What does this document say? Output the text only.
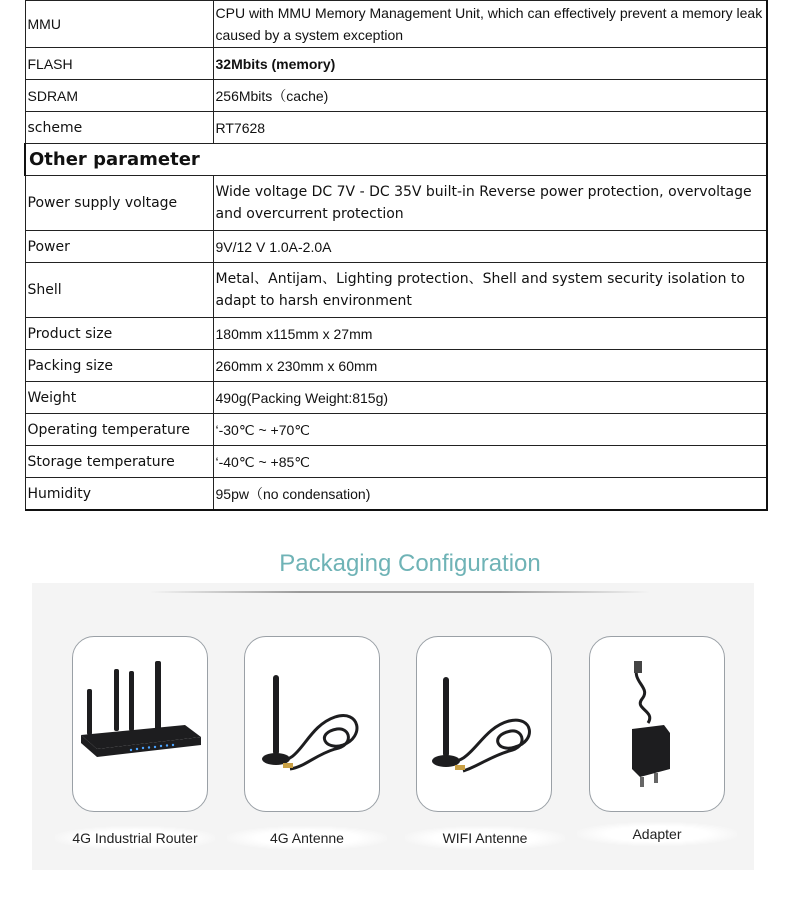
MMU	CPU with MMU Memory Management Unit, which can effectively prevent a memory leak caused by a system exception
FLASH	32Mbits (memory)
SDRAM	256Mbits（cache)
scheme	RT7628
Other parameter	
Power supply voltage	Wide voltage DC 7V - DC 35V built-in Reverse power protection, overvoltage and overcurrent protection
Power	9V/12 V 1.0A-2.0A
Shell	Metal、Antijam、Lighting protection、Shell and system security isolation to adapt to harsh environment
Product size	180mm x115mm x 27mm
Packing size	260mm x 230mm x 60mm
Weight	490g(Packing Weight:815g)
Operating temperature	‘-30℃ ~ +70℃
Storage temperature	‘-40℃ ~ +85℃
Humidity	95pw（no condensation)
Packaging Configuration
4G Industrial Router	4G Antenne	WIFI Antenne	Adapter
